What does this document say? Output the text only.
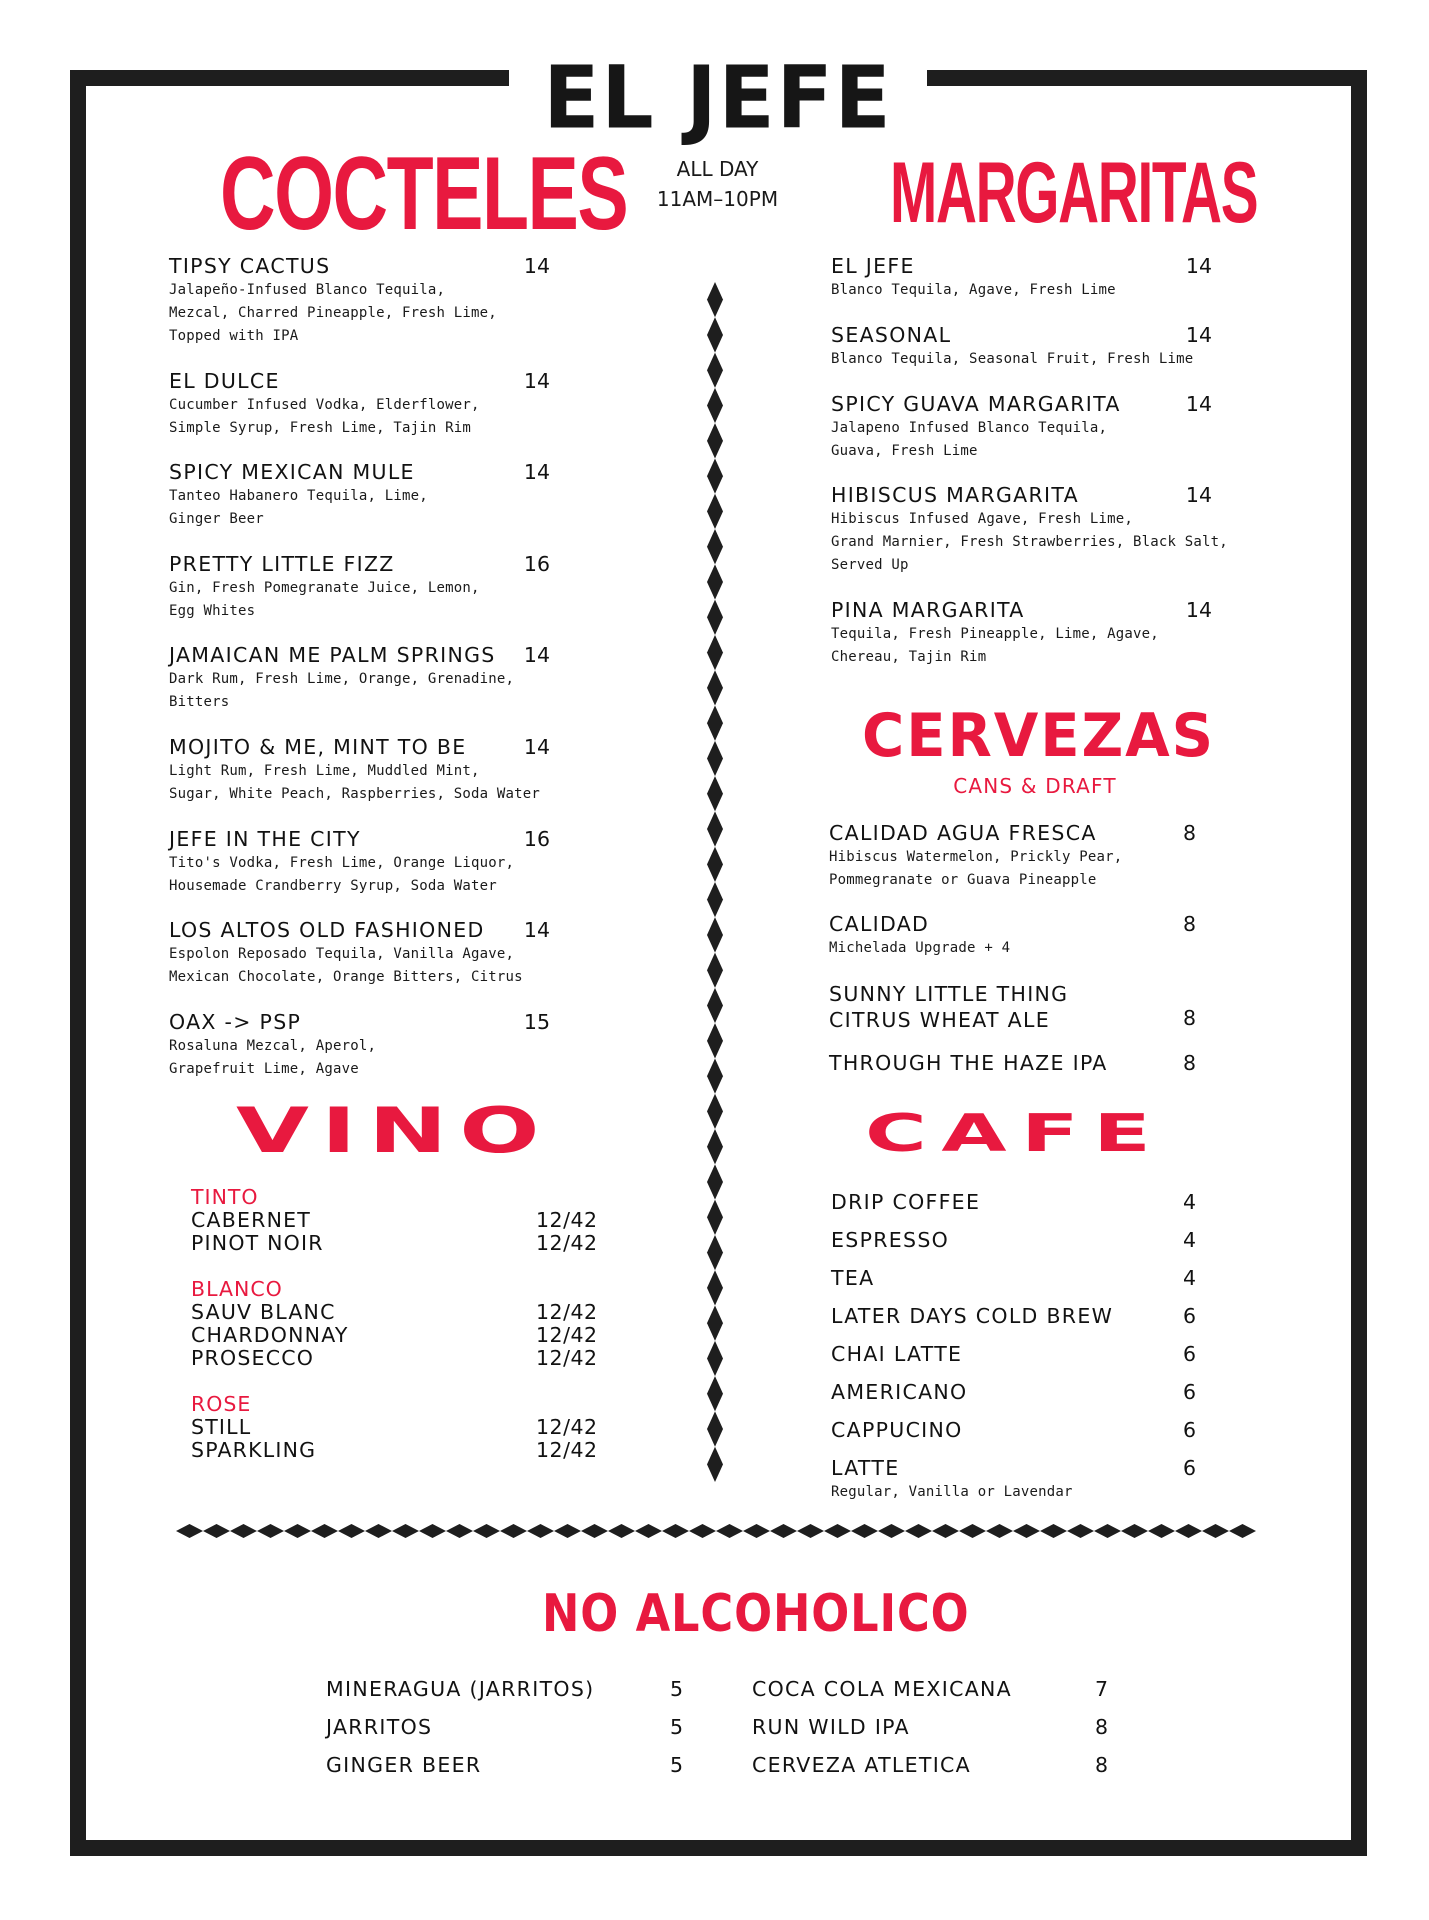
EL JEFE
ALL DAY
11AM–10PM
COCTELES	MARGARITAS
CERVEZAS
CANS & DRAFT
VINO	CAFE
NO ALCOHOLICO
TIPSY CACTUS
Jalapeño-Infused Blanco Tequila,
Mezcal, Charred Pineapple, Fresh Lime,
Topped with IPA
14
EL DULCE
Cucumber Infused Vodka, Elderflower,
Simple Syrup, Fresh Lime, Tajin Rim
14
SPICY MEXICAN MULE
Tanteo Habanero Tequila, Lime,
Ginger Beer
14
PRETTY LITTLE FIZZ
Gin, Fresh Pomegranate Juice, Lemon,
Egg Whites
16
JAMAICAN ME PALM SPRINGS
Dark Rum, Fresh Lime, Orange, Grenadine,
Bitters
14
MOJITO & ME, MINT TO BE
Light Rum, Fresh Lime, Muddled Mint,
Sugar, White Peach, Raspberries, Soda Water
14
JEFE IN THE CITY
Tito's Vodka, Fresh Lime, Orange Liquor,
Housemade Crandberry Syrup, Soda Water
16
LOS ALTOS OLD FASHIONED
Espolon Reposado Tequila, Vanilla Agave,
Mexican Chocolate, Orange Bitters, Citrus
14
OAX -> PSP
Rosaluna Mezcal, Aperol,
Grapefruit Lime, Agave
15
EL JEFE
Blanco Tequila, Agave, Fresh Lime
14
SEASONAL
Blanco Tequila, Seasonal Fruit, Fresh Lime
14
SPICY GUAVA MARGARITA
Jalapeno Infused Blanco Tequila,
Guava, Fresh Lime
14
HIBISCUS MARGARITA
Hibiscus Infused Agave, Fresh Lime,
Grand Marnier, Fresh Strawberries, Black Salt,
Served Up
14
PINA MARGARITA
Tequila, Fresh Pineapple, Lime, Agave,
Chereau, Tajin Rim
14
CALIDAD AGUA FRESCA
Hibiscus Watermelon, Prickly Pear,
Pommegranate or Guava Pineapple
8
CALIDAD
Michelada Upgrade + 4
8
SUNNY LITTLE THING
CITRUS WHEAT ALE	8
THROUGH THE HAZE IPA	8
TINTO
CABERNET	12/42
PINOT NOIR	12/42
BLANCO
SAUV BLANC	12/42
CHARDONNAY	12/42
PROSECCO	12/42
ROSE
STILL	12/42
SPARKLING	12/42
DRIP COFFEE	4
ESPRESSO	4
TEA	4
LATER DAYS COLD BREW	6
CHAI LATTE	6
AMERICANO	6
CAPPUCINO	6
LATTE
Regular, Vanilla or Lavendar
6
MINERAGUA (JARRITOS)	5
JARRITOS	5
GINGER BEER	5
COCA COLA MEXICANA	7
RUN WILD IPA	8
CERVEZA ATLETICA	8
